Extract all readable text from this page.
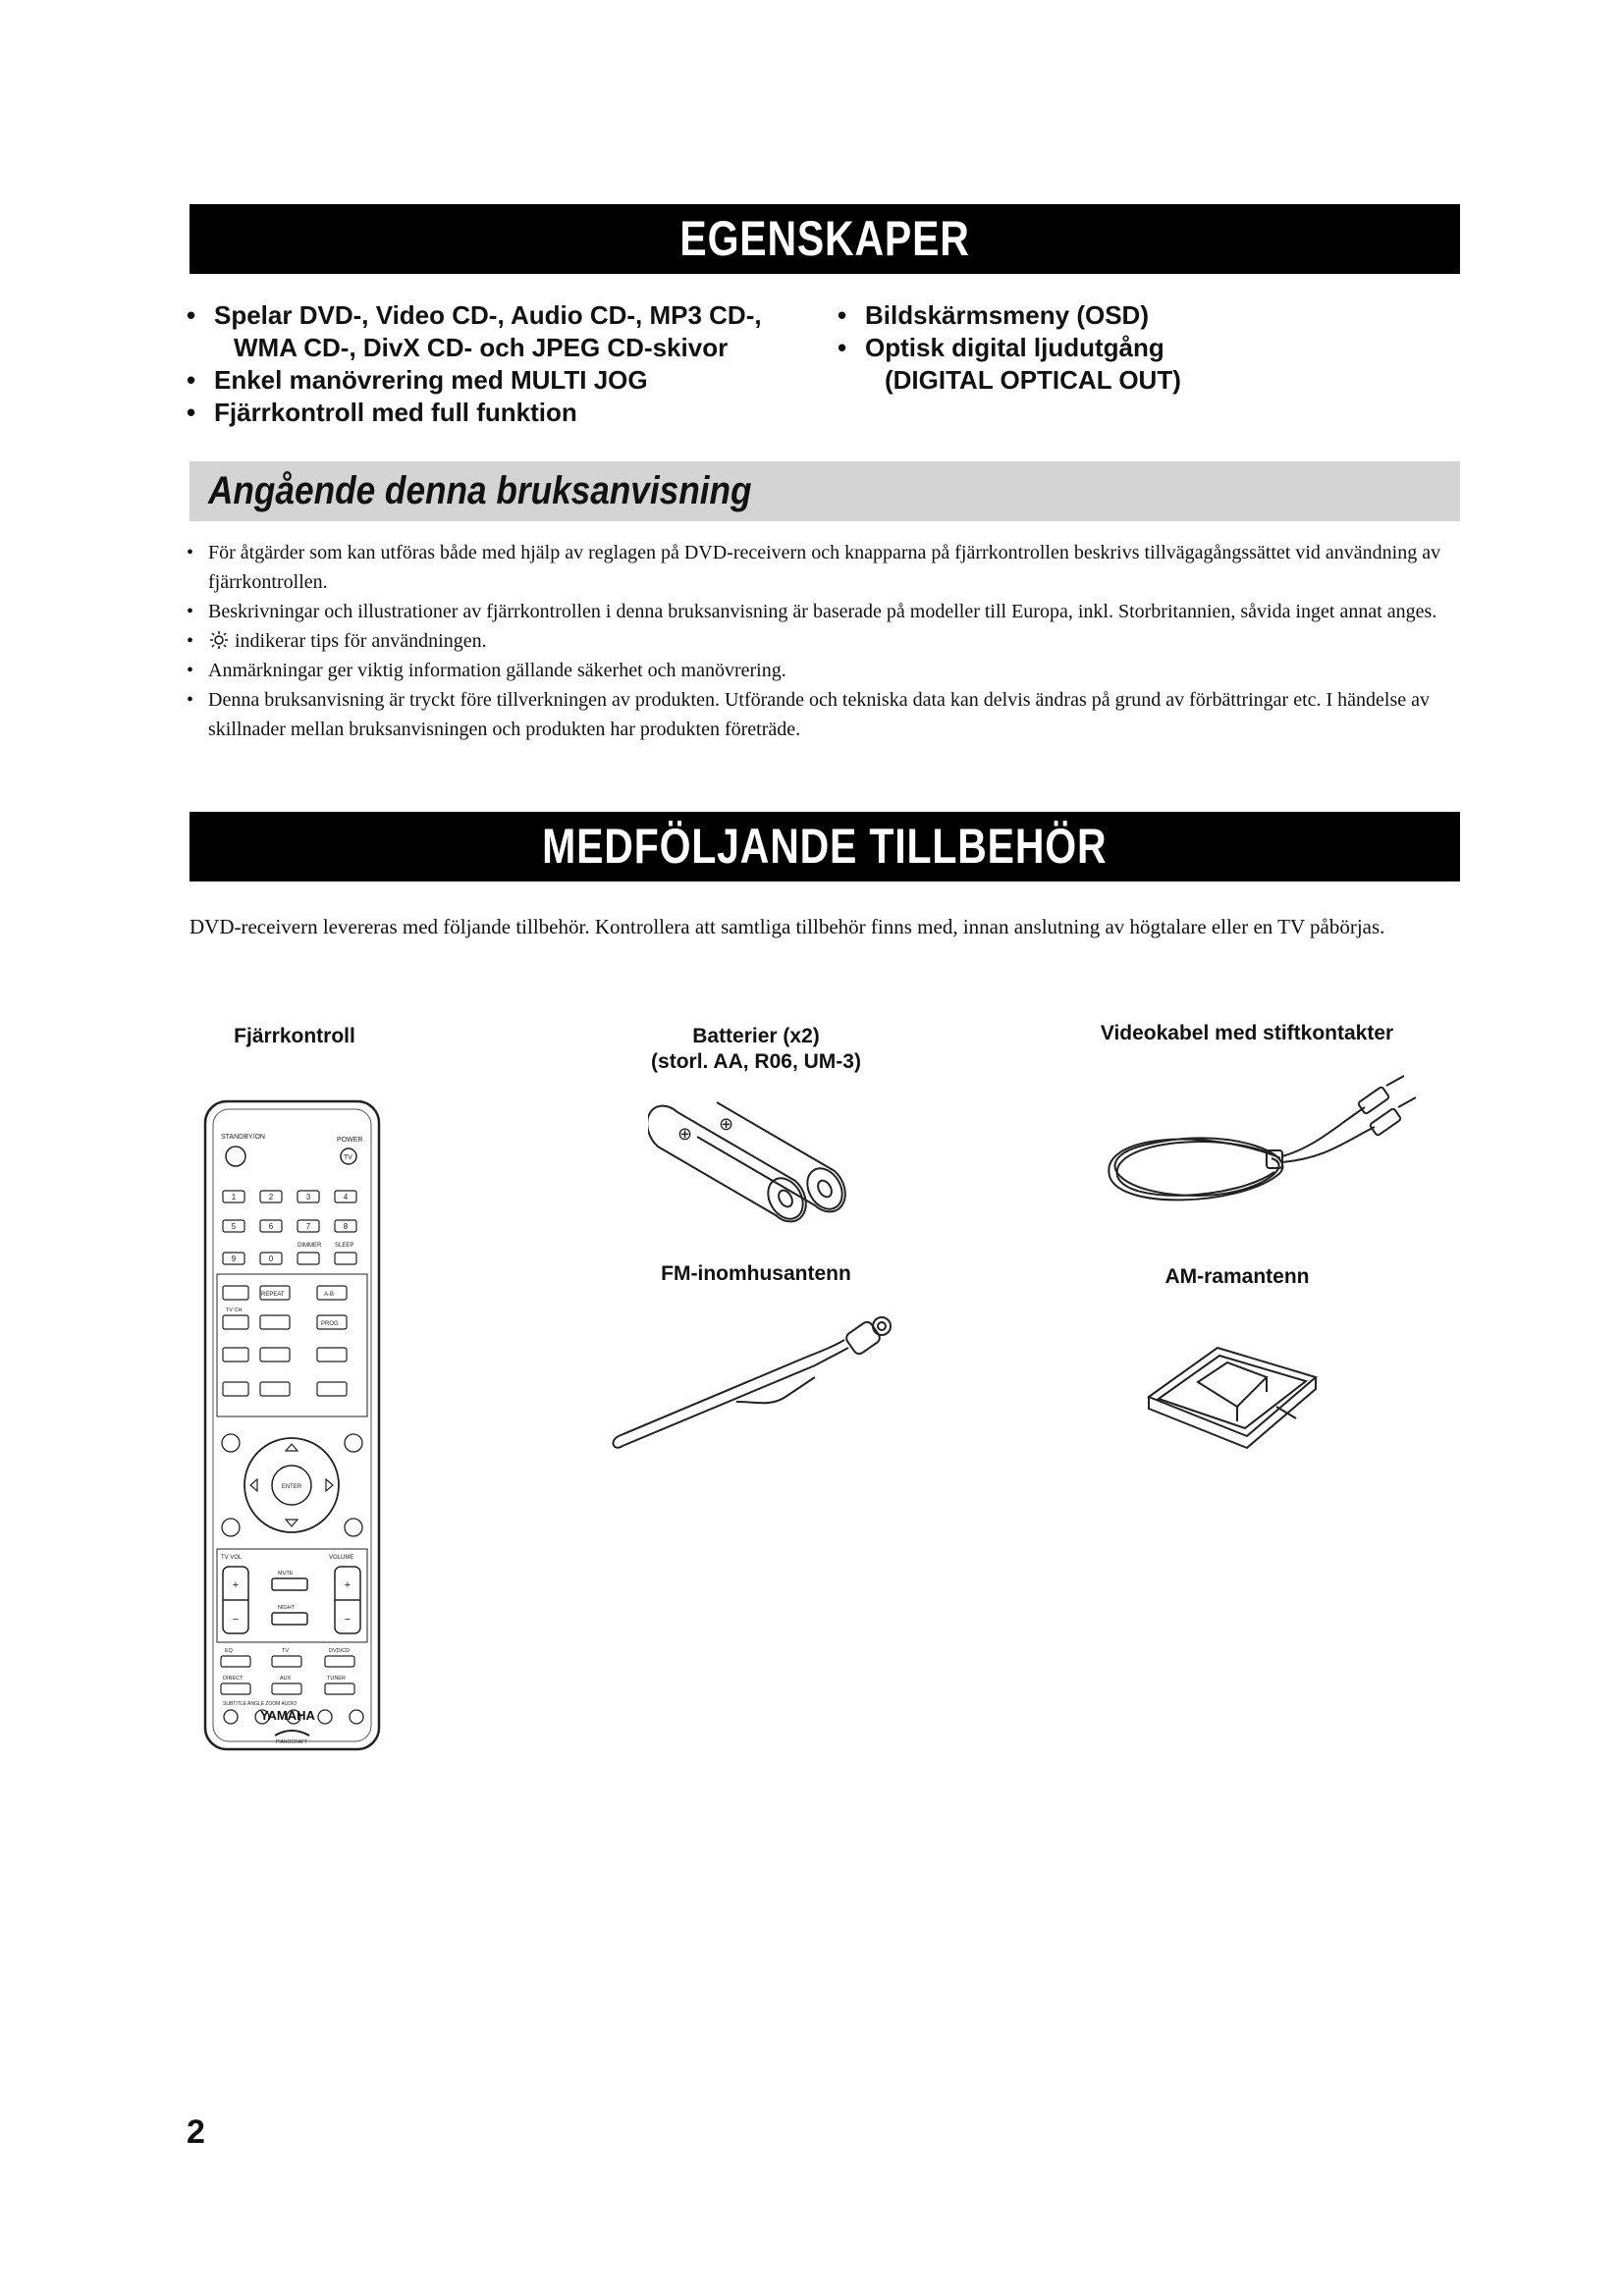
EGENSKAPER
• Spelar DVD-, Video CD-, Audio CD-, MP3 CD-,
WMA CD-, DivX CD- och JPEG CD-skivor
• Enkel manövrering med MULTI JOG
• Fjärrkontroll med full funktion
• Bildskärmsmeny (OSD)
• Optisk digital ljudutgång
(DIGITAL OPTICAL OUT)
Angående denna bruksanvisning
• För åtgärder som kan utföras både med hjälp av reglagen på DVD-receivern och knapparna på fjärrkontrollen beskrivs tillvägagångssättet vid användning av fjärrkontrollen.
• Beskrivningar och illustrationer av fjärrkontrollen i denna bruksanvisning är baserade på modeller till Europa, inkl. Storbritannien, såvida inget annat anges.
• indikerar tips för användningen.
• Anmärkningar ger viktig information gällande säkerhet och manövrering.
• Denna bruksanvisning är tryckt före tillverkningen av produkten. Utförande och tekniska data kan delvis ändras på grund av förbättringar etc. I händelse av skillnader mellan bruksanvisningen och produkten har produkten företräde.
MEDFÖLJANDE TILLBEHÖR
DVD-receivern levereras med följande tillbehör. Kontrollera att samtliga tillbehör finns med, innan anslutning av högtalare eller en TV påbörjas.
Fjärrkontroll	Batterier (x2)
(storl. AA, R06, UM-3)
Videokabel med stiftkontakter
FM-inomhusantenn	AM-ramantenn
STANDBY/ON	POWER
TV
1	2	3	4
5	6	7	8
9	0
DIMMER SLEEP
REPEAT	A-B
TV CH
PROG
ENTER
TV VOL	VOLUME
+
−
+
−
MUTE
NIGHT
EQ	TV	DVD/CD
DIRECT	AUX	TUNER
SUBTITLE ANGLE ZOOM AUDIO
PIANOCRAFT
YAMAHA
⊕ ⊕
2
